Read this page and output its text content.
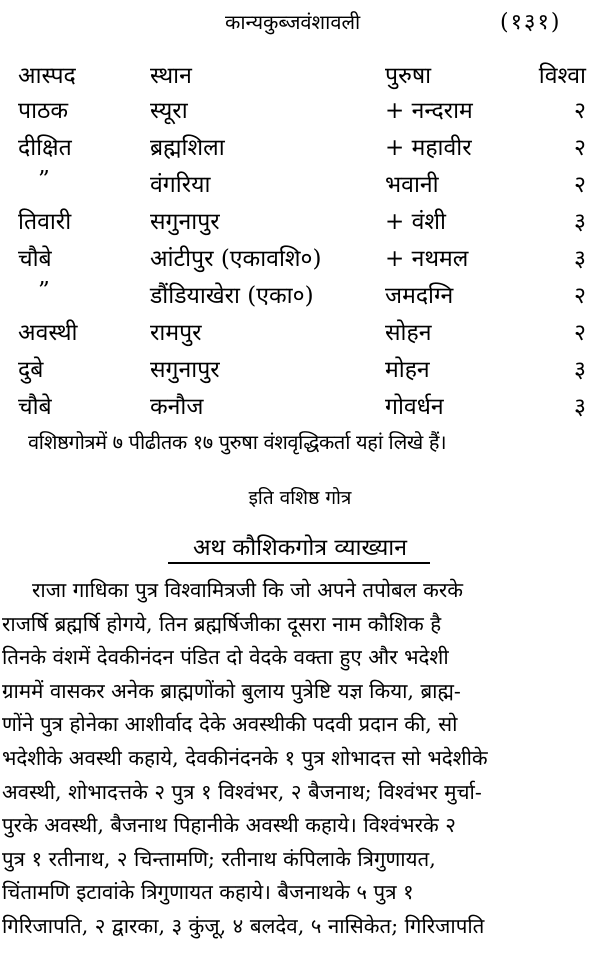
कान्यकुब्जवंशावली	(१३१)
आस्पद	स्थान	पुरुषा	विश्वा
पाठक	स्यूरा	+ नन्दराम	२
दीक्षित	ब्रह्मशिला	+ महावीर	२
”	वंगरिया	भवानी	२
तिवारी	सगुनापुर	+ वंशी	३
चौबे	आंटीपुर (एकावशि०)	+ नथमल	३
”	डौंडियाखेरा (एका०)	जमदग्नि	२
अवस्थी	रामपुर	सोहन	२
दुबे	सगुनापुर	मोहन	३
चौबे	कनौज	गोवर्धन	३
वशिष्ठगोत्रमें ७ पीढीतक १७ पुरुषा वंशवृद्धिकर्ता यहां लिखे हैं।
इति वशिष्ठ गोत्र
अथ कौशिकगोत्र व्याख्यान

राजा गाधिका पुत्र विश्वामित्रजी कि जो अपने तपोबल करके

राजर्षि ब्रह्मर्षि होगये, तिन ब्रह्मर्षिजीका दूसरा नाम कौशिक है

तिनके वंशमें देवकीनंदन पंडित दो वेदके वक्ता हुए और भदेशी

ग्राममें वासकर अनेक ब्राह्मणोंको बुलाय पुत्रेष्टि यज्ञ किया, ब्राह्म-

णोंने पुत्र होनेका आशीर्वाद देके अवस्थीकी पदवी प्रदान की, सो

भदेशीके अवस्थी कहाये, देवकीनंदनके १ पुत्र शोभादत्त सो भदेशीके

अवस्थी, शोभादत्तके २ पुत्र १ विश्वंभर, २ बैजनाथ; विश्वंभर मुर्चा-

पुरके अवस्थी, बैजनाथ पिहानीके अवस्थी कहाये। विश्वंभरके २

पुत्र १ रतीनाथ, २ चिन्तामणि; रतीनाथ कंपिलाके त्रिगुणायत,

चिंतामणि इटावांके त्रिगुणायत कहाये। बैजनाथके ५ पुत्र १

गिरिजापति, २ द्वारका, ३ कुंजू, ४ बलदेव, ५ नासिकेत; गिरिजापति
